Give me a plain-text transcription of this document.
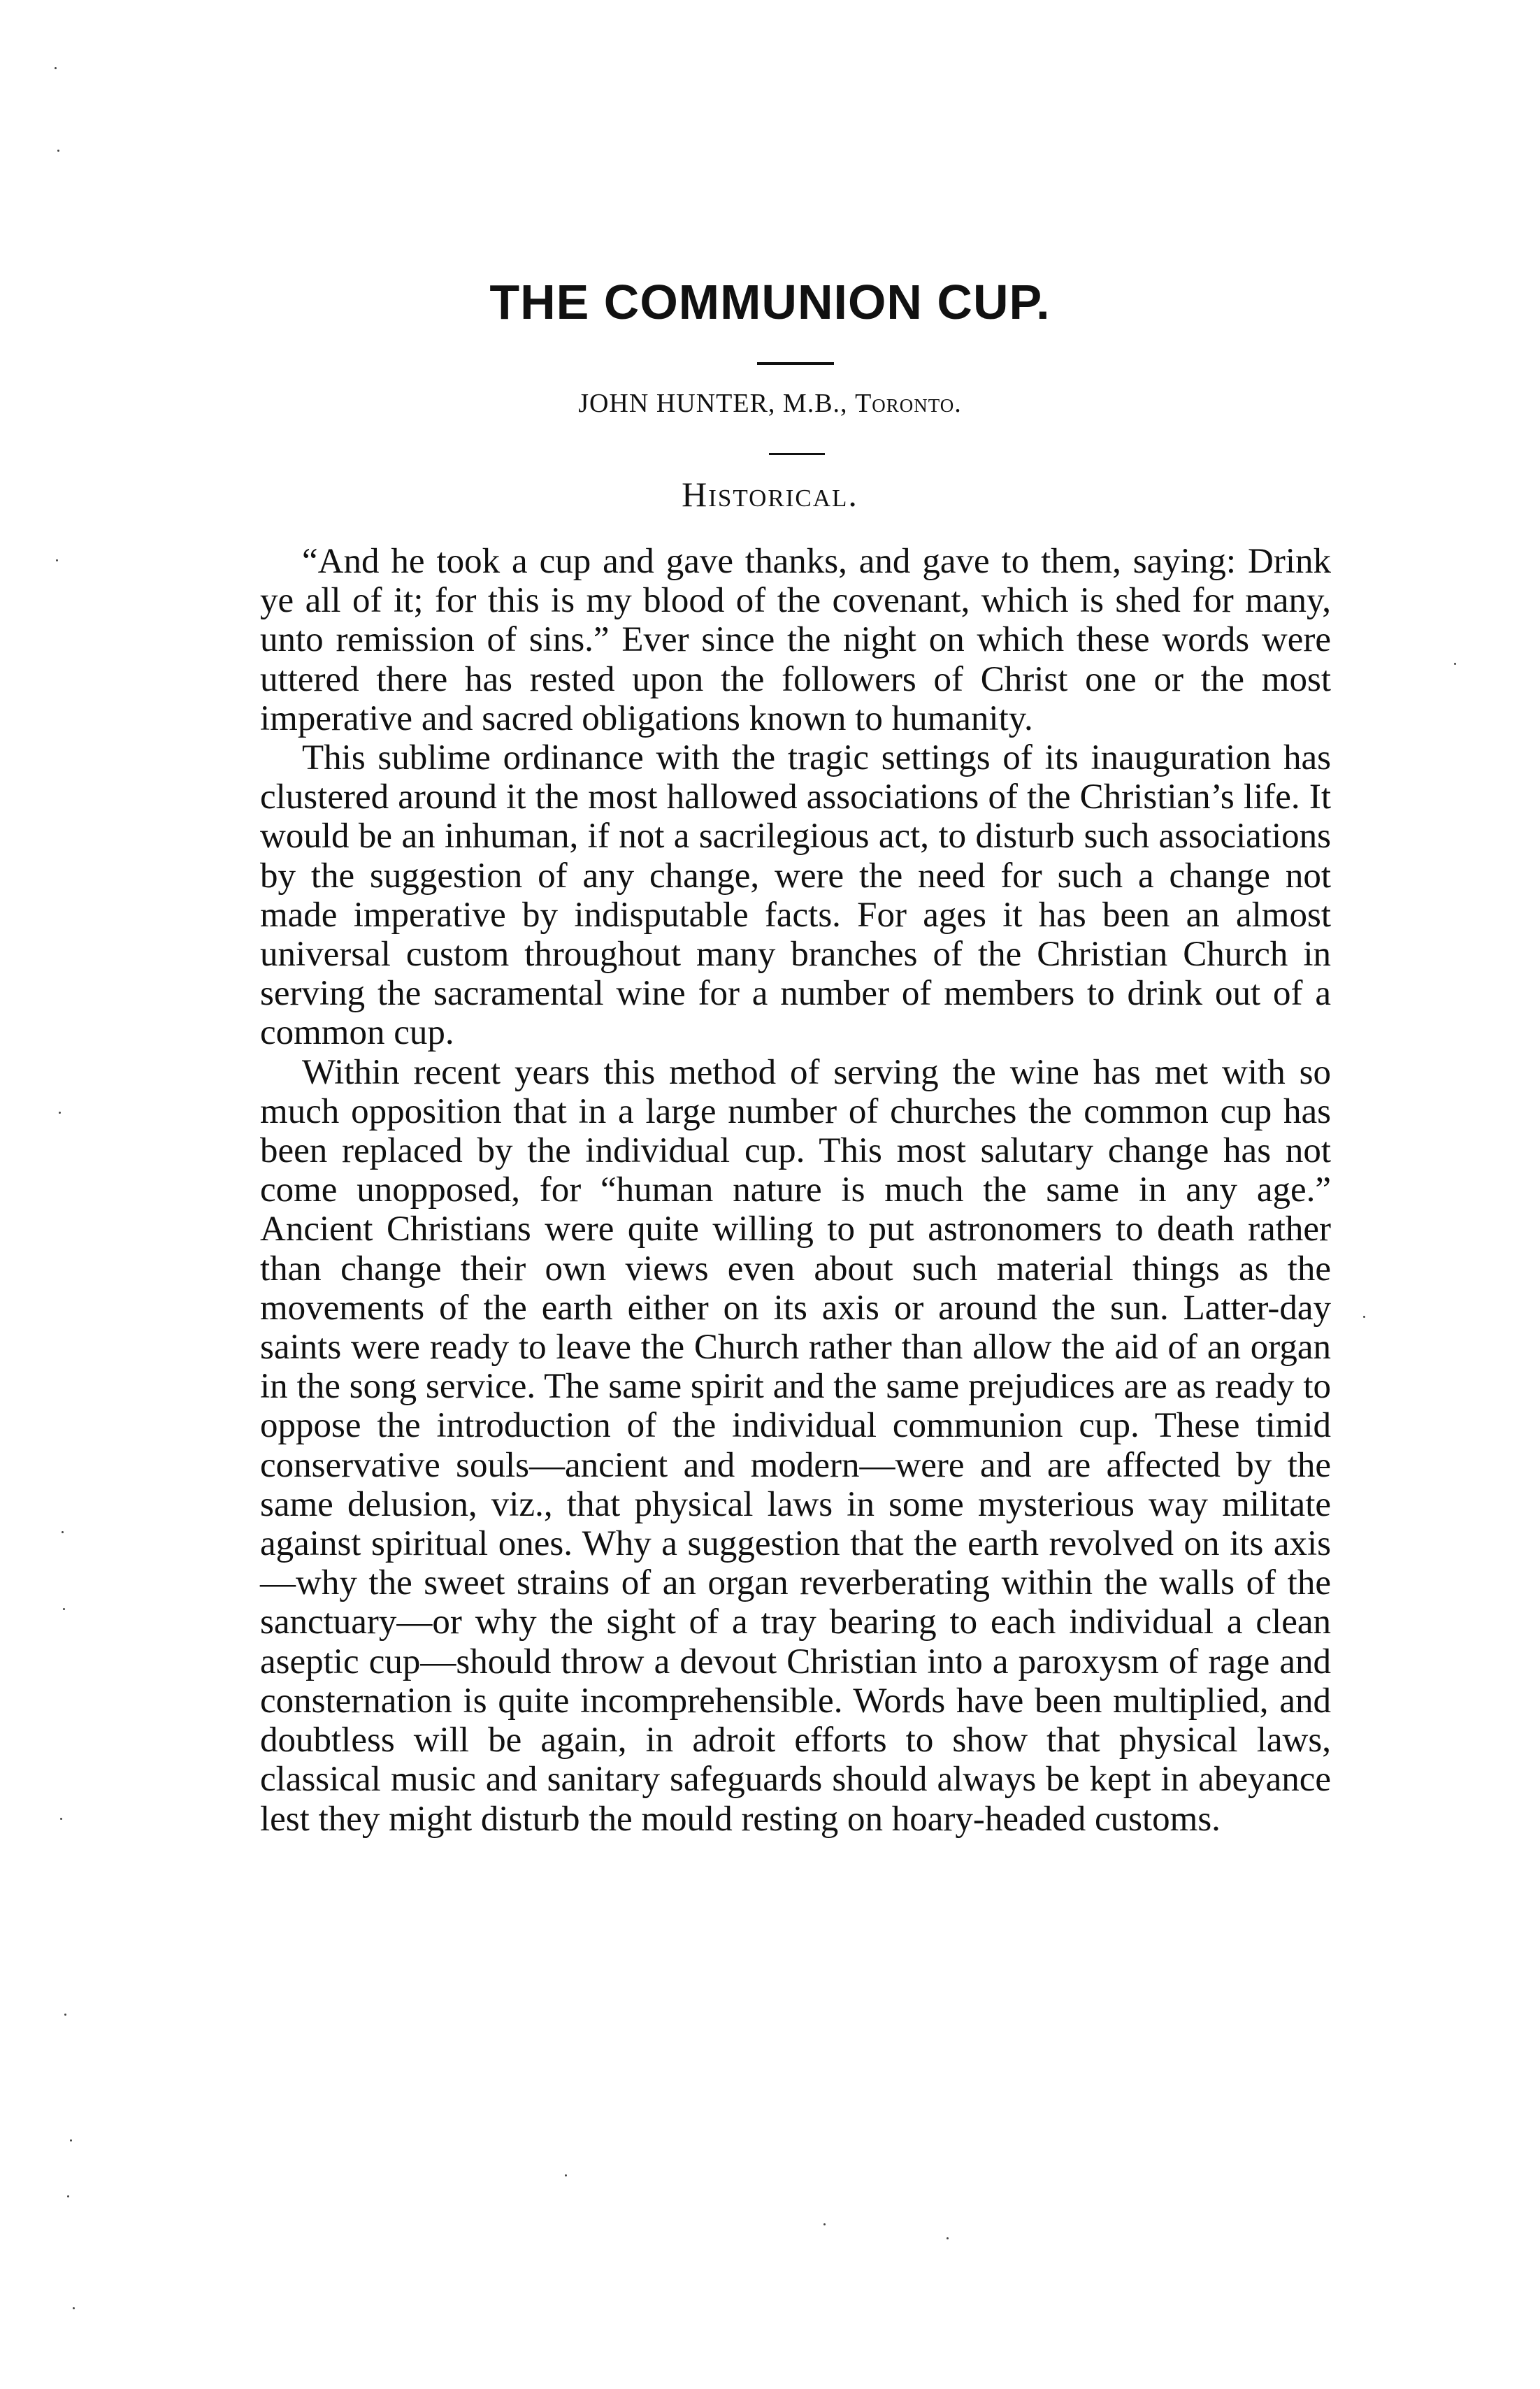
THE COMMUNION CUP.
JOHN HUNTER, M.B., Toronto.
Historical.

“And he took a cup and gave thanks, and gave to them, saying: Drink ye all of it; for this is my blood of the covenant, which is shed for many, unto remission of sins.” Ever since the night on which these words were uttered there has rested upon the followers of Christ one or the most imperative and sacred obligations known to humanity.

This sublime ordinance with the tragic settings of its inauguration has clustered around it the most hallowed associations of the Christian’s life. It would be an inhuman, if not a sacrilegious act, to disturb such associations by the suggestion of any change, were the need for such a change not made imperative by indisputable facts. For ages it has been an almost universal custom throughout many branches of the Christian Church in serving the sacramental wine for a number of members to drink out of a common cup.

Within recent years this method of serving the wine has met with so much opposition that in a large number of churches the common cup has been replaced by the individual cup. This most salutary change has not come unopposed, for “human nature is much the same in any age.” Ancient Christians were quite willing to put astronomers to death rather than change their own views even about such material things as the movements of the earth either on its axis or around the sun. Latter-day saints were ready to leave the Church rather than allow the aid of an organ in the song service. The same spirit and the same prejudices are as ready to oppose the introduction of the individual communion cup. These timid conservative souls—ancient and modern—were and are affected by the same delusion, viz., that physical laws in some mysterious way militate against spiritual ones. Why a suggestion that the earth revolved on its axis—why the sweet strains of an organ reverberating within the walls of the sanctuary—or why the sight of a tray bearing to each individual a clean aseptic cup—should throw a devout Christian into a paroxysm of rage and consternation is quite incomprehensible. Words have been multiplied, and doubtless will be again, in adroit efforts to show that physical laws, classical music and sanitary safeguards should always be kept in abeyance lest they might disturb the mould resting on hoary-headed customs.
